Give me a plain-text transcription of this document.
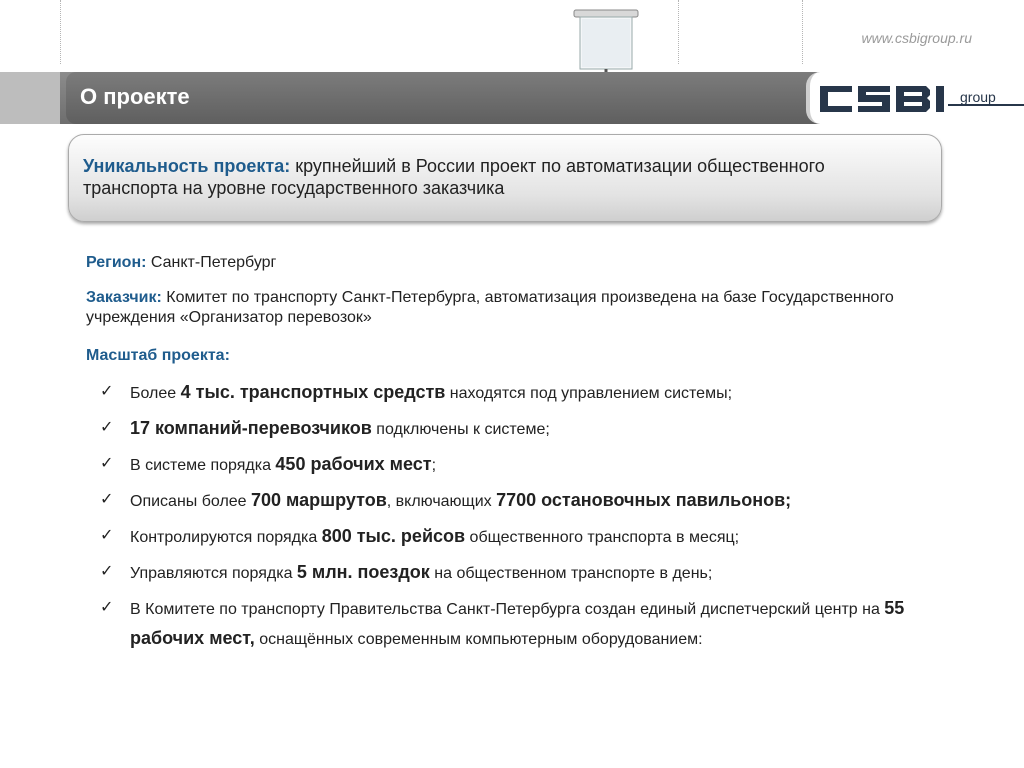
www.csbigroup.ru
О проекте	group

Уникальность проекта: крупнейший в России проект по автоматизации общественного транспорта на уровне государственного заказчика

Регион: Санкт-Петербург
Заказчик: Комитет по транспорту Санкт-Петербурга, автоматизация произведена на базе Государственного учреждения «Организатор перевозок»
Масштаб проекта:
✓ Более 4 тыс. транспортных средств находятся под управлением системы;
✓ 17 компаний-перевозчиков подключены к системе;
✓ В системе порядка 450 рабочих мест;
✓ Описаны более 700 маршрутов, включающих 7700 остановочных павильонов;
✓ Контролируются порядка 800 тыс. рейсов общественного транспорта в месяц;
✓ Управляются порядка 5 млн. поездок на общественном транспорте в день;
✓ В Комитете по транспорту Правительства Санкт-Петербурга создан единый диспетчерский центр на 55 рабочих мест, оснащённых современным компьютерным оборудованием:
